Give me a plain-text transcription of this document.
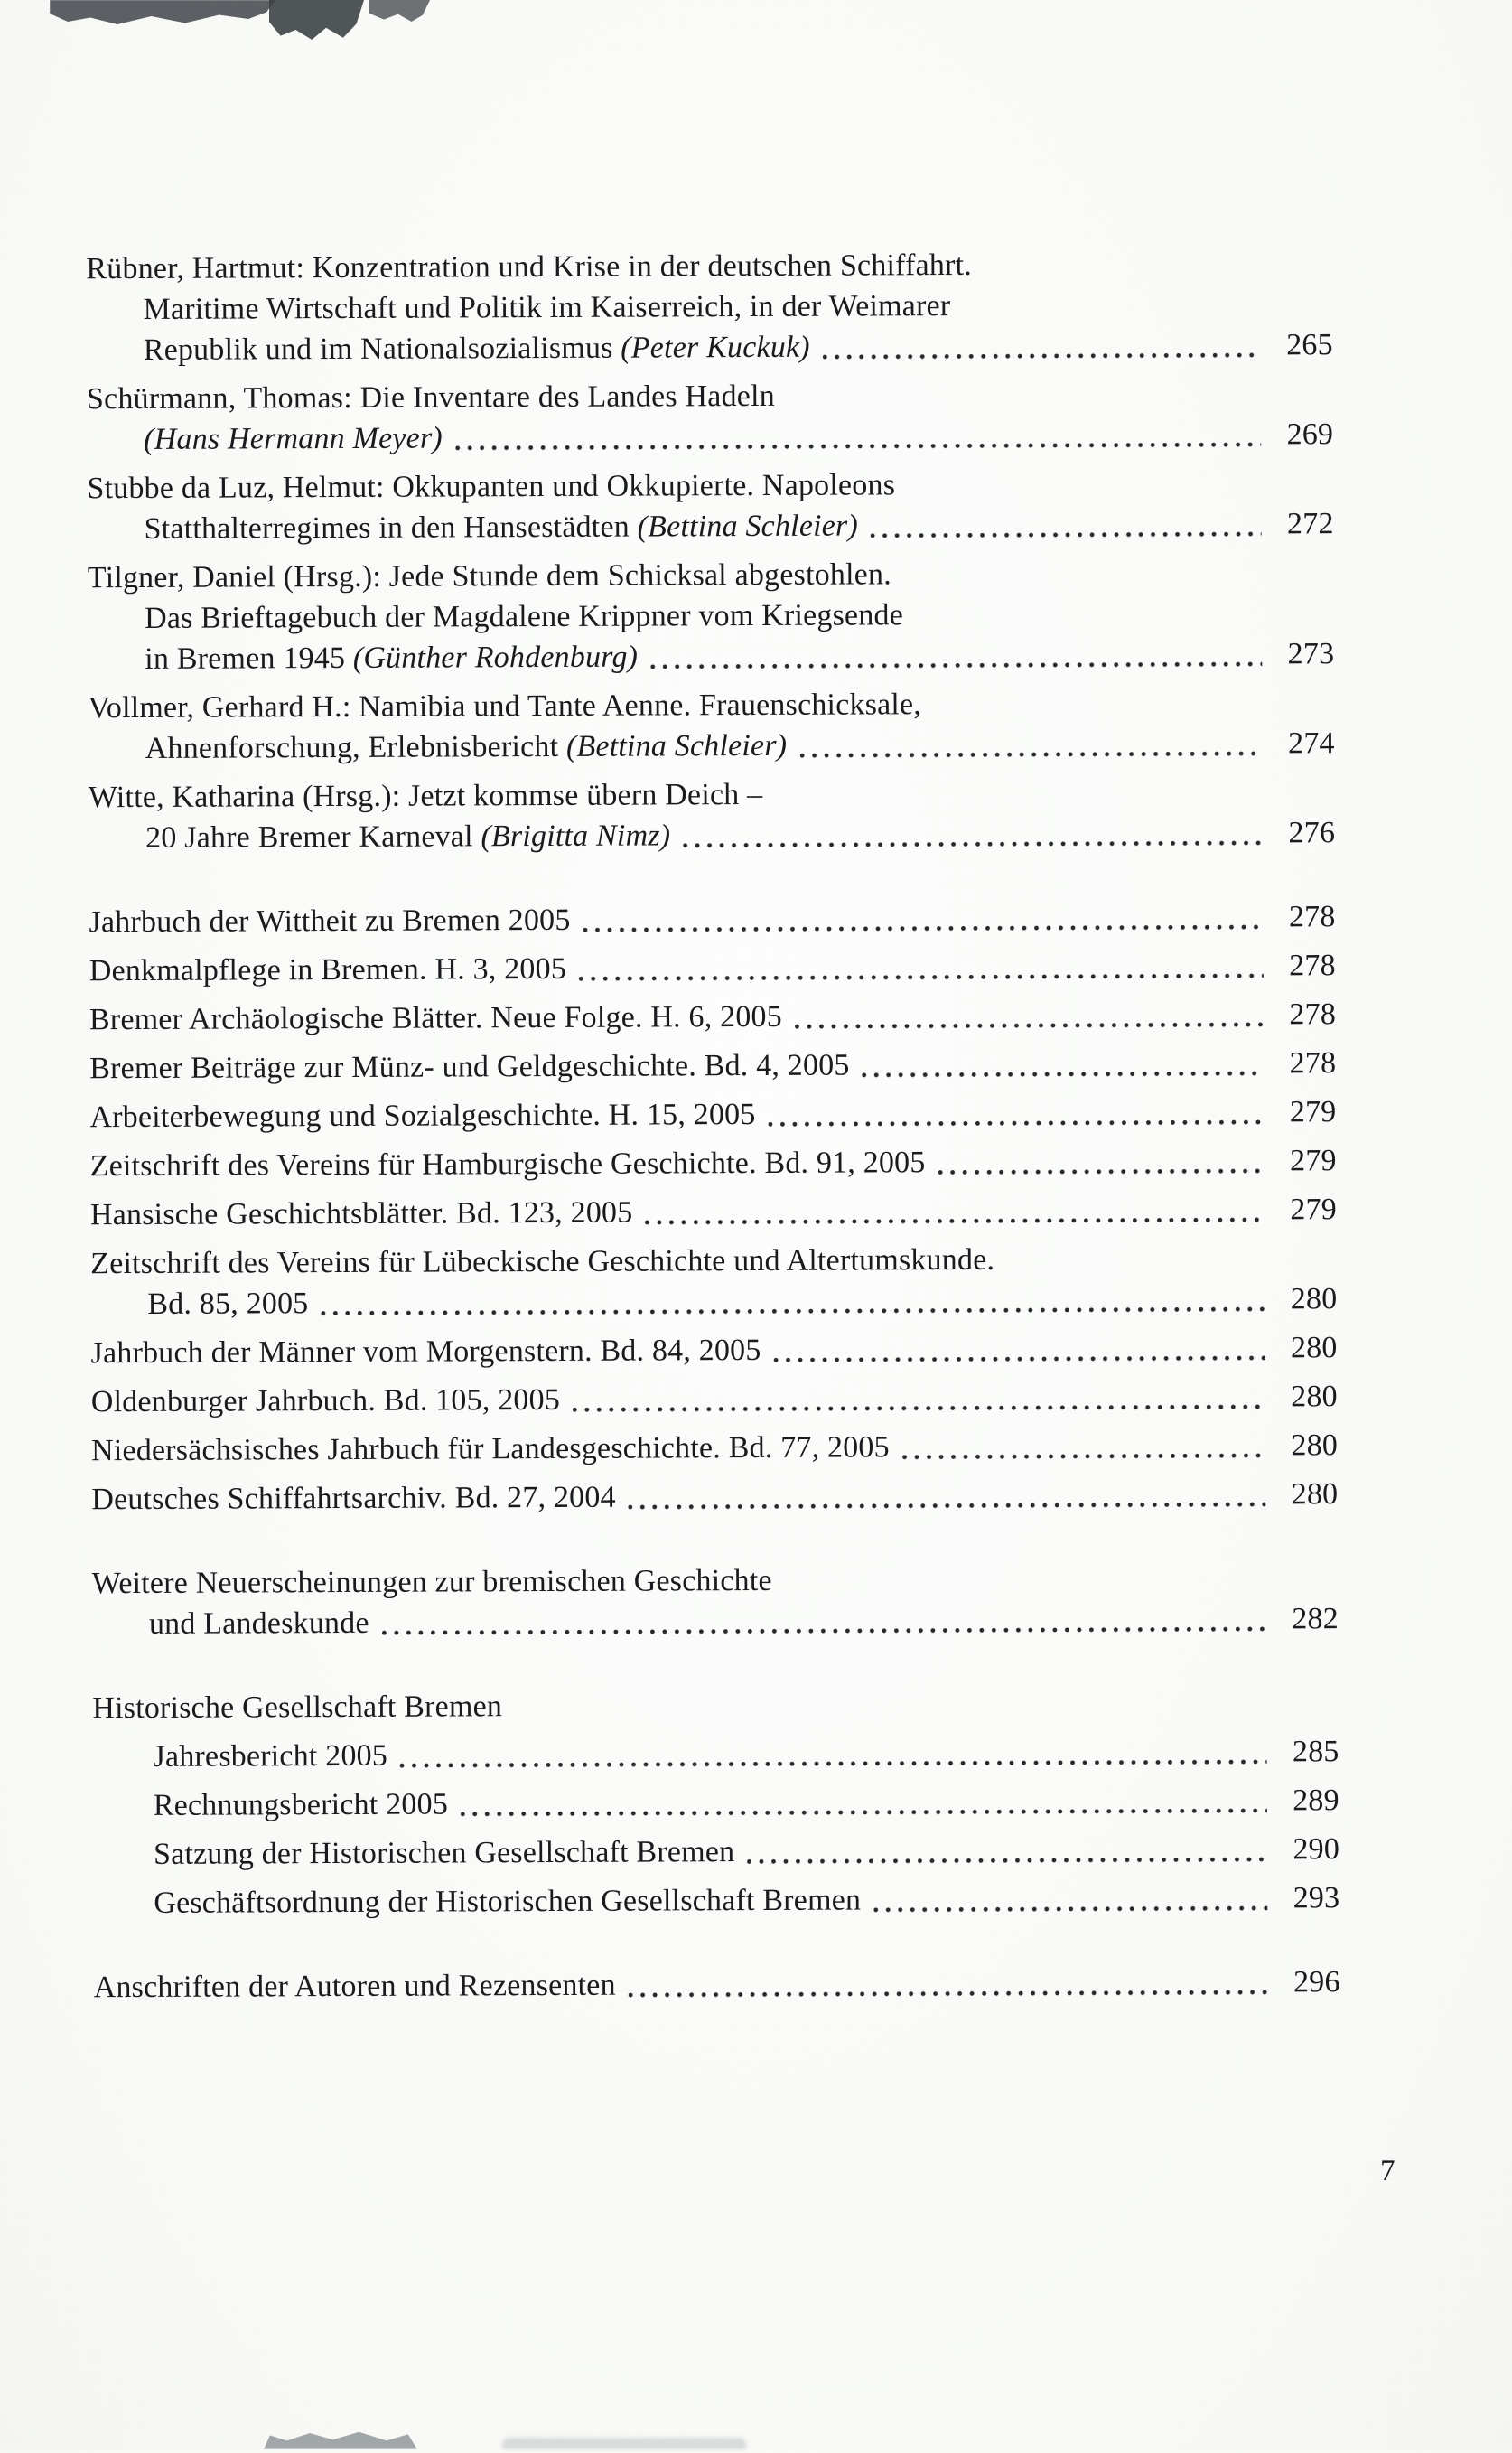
Rübner, Hartmut: Konzentration und Krise in der deutschen Schiffahrt.
Maritime Wirtschaft und Politik im Kaiserreich, in der Weimarer
Republik und im Nationalsozialismus (Peter Kuckuk)	265
Schürmann, Thomas: Die Inventare des Landes Hadeln
(Hans Hermann Meyer)	269
Stubbe da Luz, Helmut: Okkupanten und Okkupierte. Napoleons
Statthalterregimes in den Hansestädten (Bettina Schleier)	272
Tilgner, Daniel (Hrsg.): Jede Stunde dem Schicksal abgestohlen.
Das Brieftagebuch der Magdalene Krippner vom Kriegsende
in Bremen 1945 (Günther Rohdenburg)	273
Vollmer, Gerhard H.: Namibia und Tante Aenne. Frauenschicksale,
Ahnenforschung, Erlebnisbericht (Bettina Schleier)	274
Witte, Katharina (Hrsg.): Jetzt kommse übern Deich –
20 Jahre Bremer Karneval (Brigitta Nimz)	276
Jahrbuch der Wittheit zu Bremen 2005	278
Denkmalpflege in Bremen. H. 3, 2005	278
Bremer Archäologische Blätter. Neue Folge. H. 6, 2005	278
Bremer Beiträge zur Münz- und Geldgeschichte. Bd. 4, 2005	278
Arbeiterbewegung und Sozialgeschichte. H. 15, 2005	279
Zeitschrift des Vereins für Hamburgische Geschichte. Bd. 91, 2005	279
Hansische Geschichtsblätter. Bd. 123, 2005	279
Zeitschrift des Vereins für Lübeckische Geschichte und Altertumskunde.
Bd. 85, 2005	280
Jahrbuch der Männer vom Morgenstern. Bd. 84, 2005	280
Oldenburger Jahrbuch. Bd. 105, 2005	280
Niedersächsisches Jahrbuch für Landesgeschichte. Bd. 77, 2005	280
Deutsches Schiffahrtsarchiv. Bd. 27, 2004	280
Weitere Neuerscheinungen zur bremischen Geschichte
und Landeskunde	282
Historische Gesellschaft Bremen
Jahresbericht 2005	285
Rechnungsbericht 2005	289
Satzung der Historischen Gesellschaft Bremen	290
Geschäftsordnung der Historischen Gesellschaft Bremen	293
Anschriften der Autoren und Rezensenten	296
7
